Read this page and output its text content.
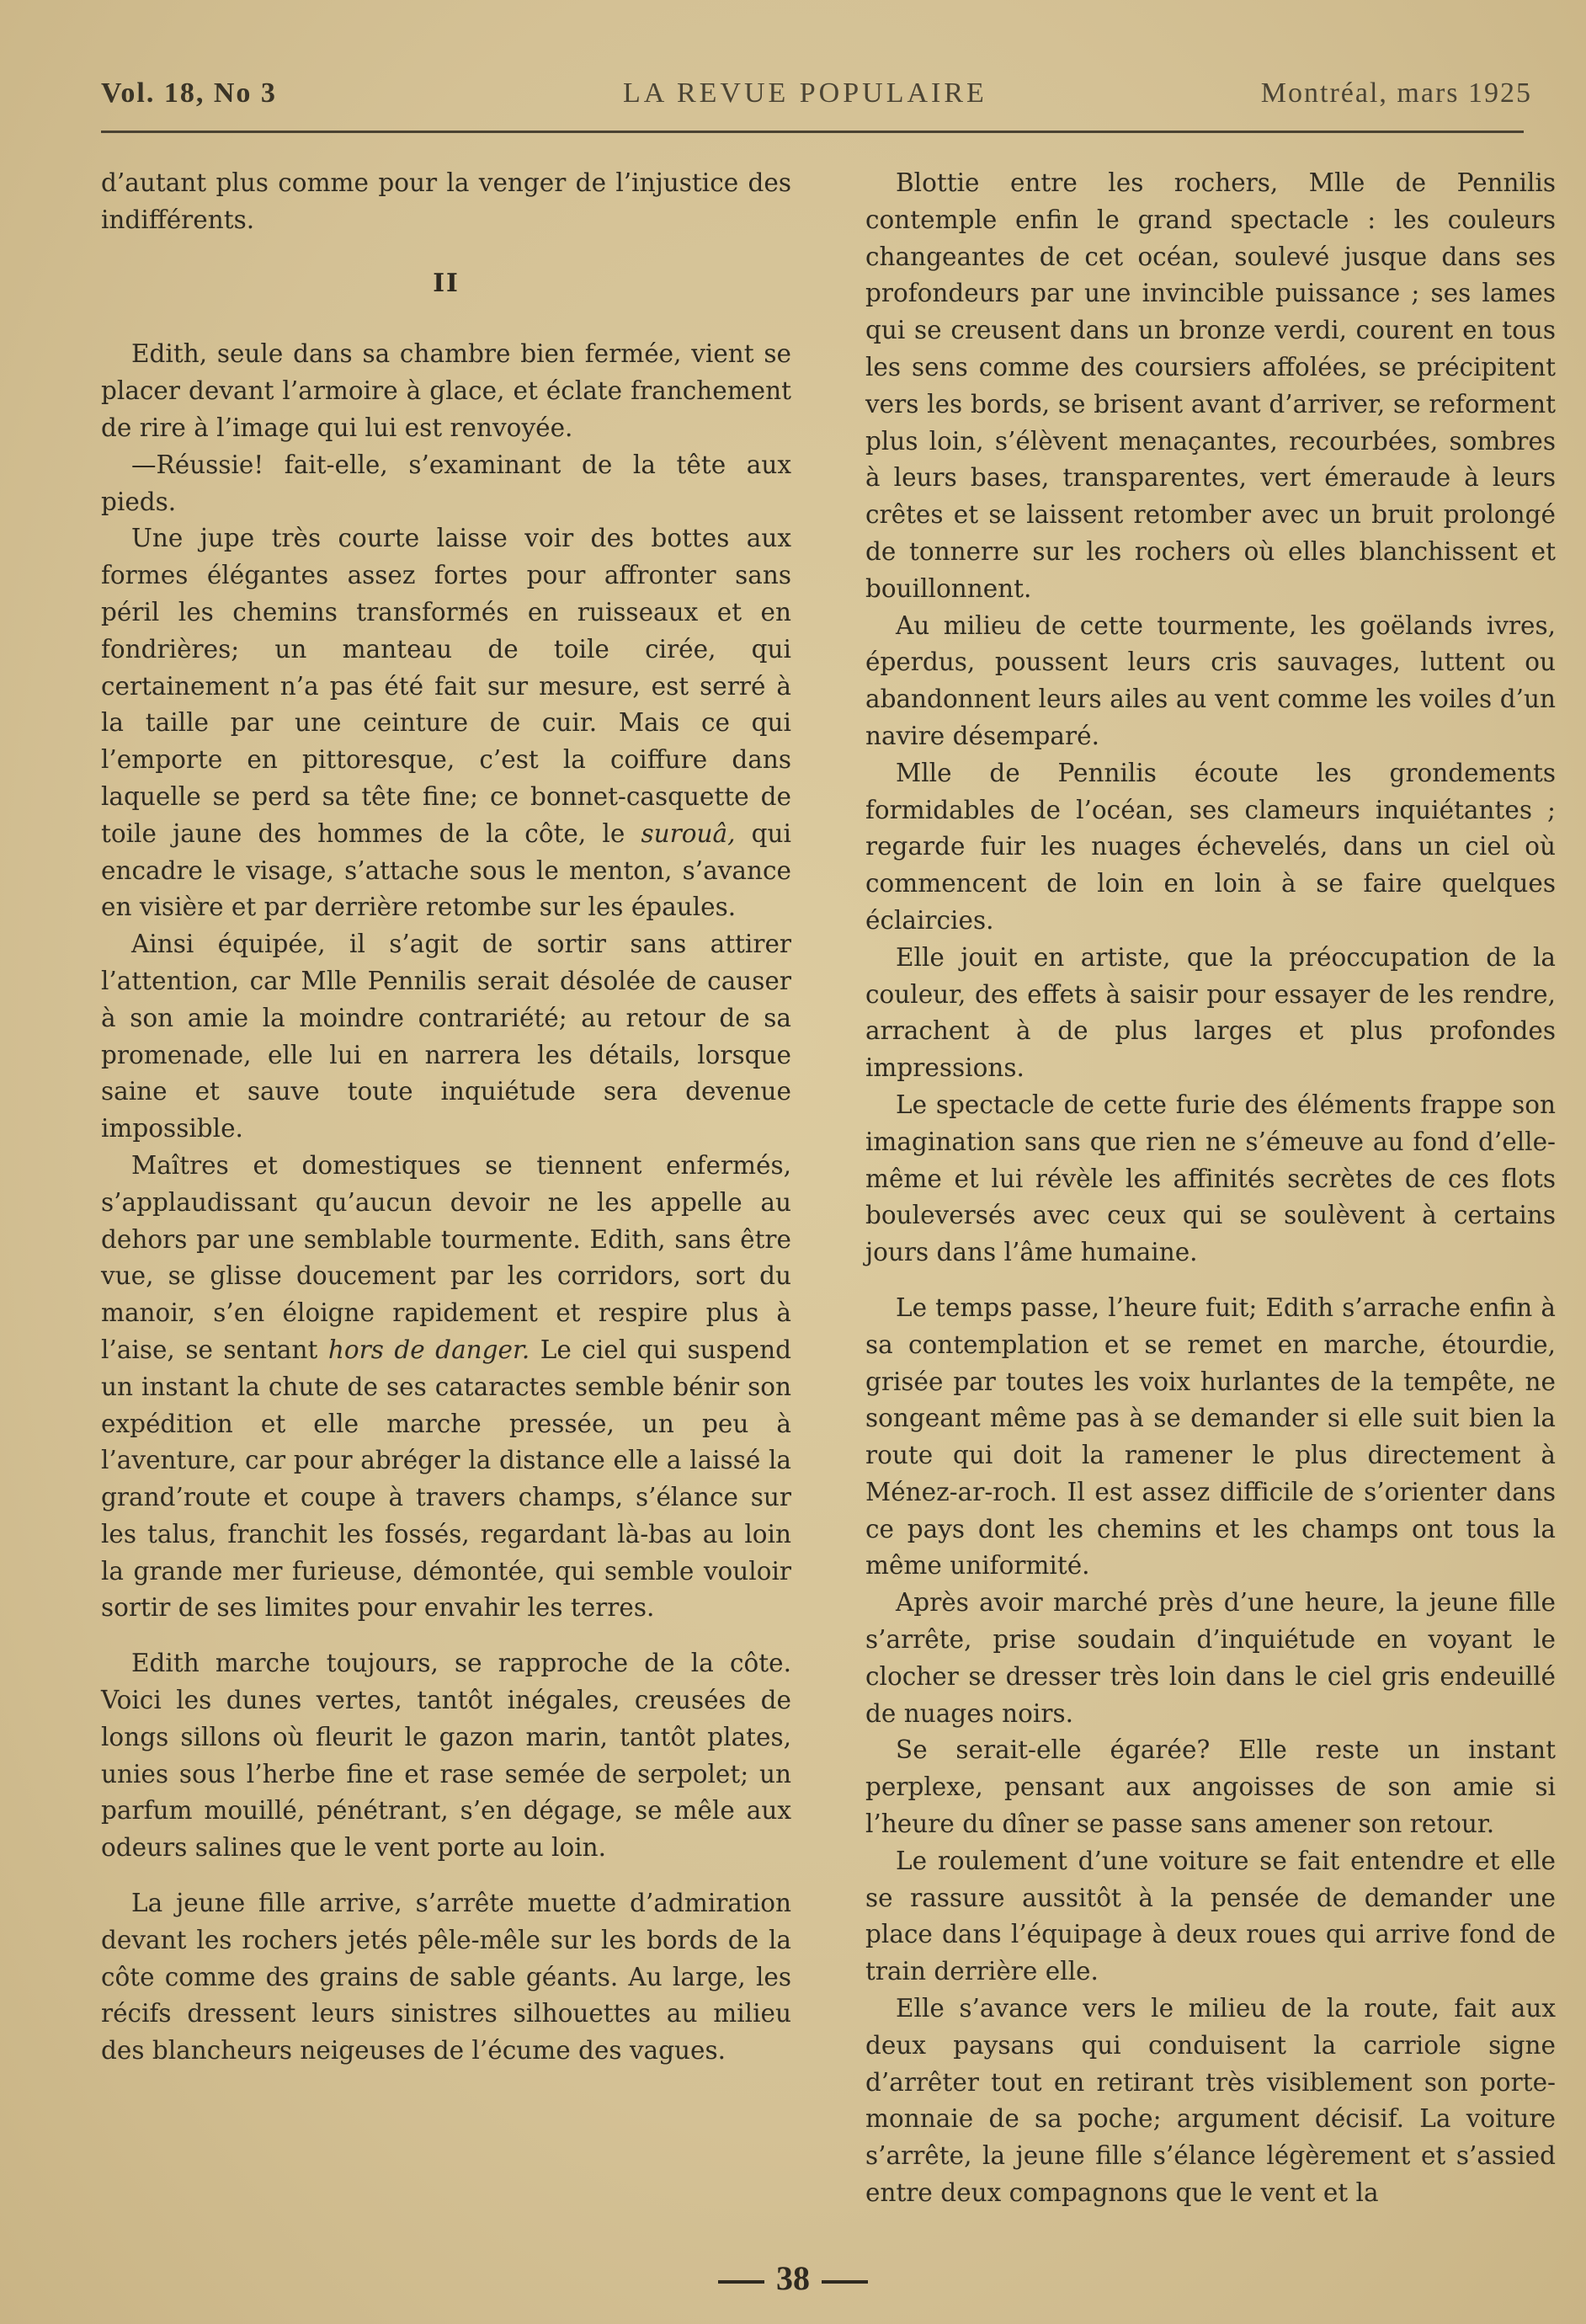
Vol. 18, No 3	LA REVUE POPULAIRE	Montréal, mars 1925

d’autant plus comme pour la venger de l’injustice des indifférents.

II

Edith, seule dans sa chambre bien fermée, vient se placer devant l’armoire à glace, et éclate franchement de rire à l’image qui lui est renvoyée.

—Réussie! fait-elle, s’examinant de la tête aux pieds.

Une jupe très courte laisse voir des bottes aux formes élégantes assez fortes pour affronter sans péril les chemins transformés en ruisseaux et en fondrières; un manteau de toile cirée, qui certainement n’a pas été fait sur mesure, est serré à la taille par une ceinture de cuir. Mais ce qui l’emporte en pittoresque, c’est la coiffure dans laquelle se perd sa tête fine; ce bonnet-casquette de toile jaune des hommes de la côte, le surouâ, qui encadre le visage, s’attache sous le menton, s’avance en visière et par derrière retombe sur les épaules.

Ainsi équipée, il s’agit de sortir sans attirer l’attention, car Mlle Pennilis serait désolée de causer à son amie la moindre contrariété; au retour de sa promenade, elle lui en narrera les détails, lorsque saine et sauve toute inquiétude sera devenue impossible.

Maîtres et domestiques se tiennent enfermés, s’applaudissant qu’aucun devoir ne les appelle au dehors par une semblable tourmente. Edith, sans être vue, se glisse doucement par les corridors, sort du manoir, s’en éloigne rapidement et respire plus à l’aise, se sentant hors de danger. Le ciel qui suspend un instant la chute de ses cataractes semble bénir son expédition et elle marche pressée, un peu à l’aventure, car pour abréger la distance elle a laissé la grand’route et coupe à travers champs, s’élance sur les talus, franchit les fossés, regardant là-bas au loin la grande mer furieuse, démontée, qui semble vouloir sortir de ses limites pour envahir les terres.

Edith marche toujours, se rapproche de la côte. Voici les dunes vertes, tantôt inégales, creusées de longs sillons où fleurit le gazon marin, tantôt plates, unies sous l’herbe fine et rase semée de serpolet; un parfum mouillé, pénétrant, s’en dégage, se mêle aux odeurs salines que le vent porte au loin.

La jeune fille arrive, s’arrête muette d’admiration devant les rochers jetés pêle-mêle sur les bords de la côte comme des grains de sable géants. Au large, les récifs dressent leurs sinistres silhouettes au milieu des blancheurs neigeuses de l’écume des vagues.

Blottie entre les rochers, Mlle de Pennilis contemple enfin le grand spectacle : les couleurs changeantes de cet océan, soulevé jusque dans ses profondeurs par une invincible puissance ; ses lames qui se creusent dans un bronze verdi, courent en tous les sens comme des coursiers affolées, se précipitent vers les bords, se brisent avant d’arriver, se reforment plus loin, s’élèvent menaçantes, recourbées, sombres à leurs bases, transparentes, vert émeraude à leurs crêtes et se laissent retomber avec un bruit prolongé de tonnerre sur les rochers où elles blanchissent et bouillonnent.

Au milieu de cette tourmente, les goëlands ivres, éperdus, poussent leurs cris sauvages, luttent ou abandonnent leurs ailes au vent comme les voiles d’un navire désemparé.

Mlle de Pennilis écoute les grondements formidables de l’océan, ses clameurs inquiétantes ; regarde fuir les nuages échevelés, dans un ciel où commencent de loin en loin à se faire quelques éclaircies.

Elle jouit en artiste, que la préoccupation de la couleur, des effets à saisir pour essayer de les rendre, arrachent à de plus larges et plus profondes impressions.

Le spectacle de cette furie des éléments frappe son imagination sans que rien ne s’émeuve au fond d’elle-même et lui révèle les affinités secrètes de ces flots bouleversés avec ceux qui se soulèvent à certains jours dans l’âme humaine.

Le temps passe, l’heure fuit; Edith s’arrache enfin à sa contemplation et se remet en marche, étourdie, grisée par toutes les voix hurlantes de la tempête, ne songeant même pas à se demander si elle suit bien la route qui doit la ramener le plus directement à Ménez-ar-roch. Il est assez difficile de s’orienter dans ce pays dont les chemins et les champs ont tous la même uniformité.

Après avoir marché près d’une heure, la jeune fille s’arrête, prise soudain d’inquiétude en voyant le clocher se dresser très loin dans le ciel gris endeuillé de nuages noirs.

Se serait-elle égarée? Elle reste un instant perplexe, pensant aux angoisses de son amie si l’heure du dîner se passe sans amener son retour.

Le roulement d’une voiture se fait entendre et elle se rassure aussitôt à la pensée de demander une place dans l’équipage à deux roues qui arrive fond de train derrière elle.

Elle s’avance vers le milieu de la route, fait aux deux paysans qui conduisent la carriole signe d’arrêter tout en retirant très visiblement son porte-monnaie de sa poche; argument décisif. La voiture s’arrête, la jeune fille s’élance légèrement et s’assied entre deux compagnons que le vent et la

38
